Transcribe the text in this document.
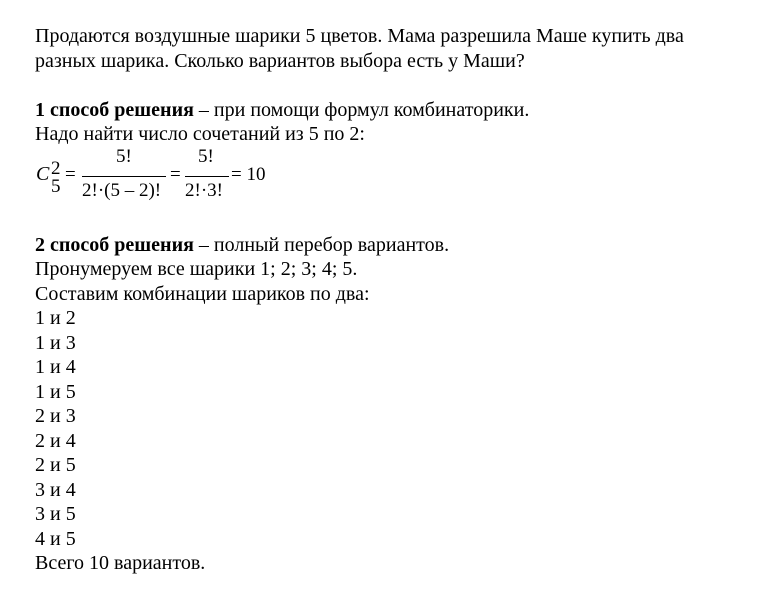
Продаются воздушные шарики 5 цветов. Мама разрешила Маше купить два
разных шарика. Сколько вариантов выбора есть у Маши?
1 способ решения – при помощи формул комбинаторики.
Надо найти число сочетаний из 5 по 2:
C
5
2 =
5!
2!·(5 – 2)!
=
5!
2!·3!
= 10
2 способ решения – полный перебор вариантов.
Пронумеруем все шарики 1; 2; 3; 4; 5.
Составим комбинации шариков по два:
1 и 2
1 и 3
1 и 4
1 и 5
2 и 3
2 и 4
2 и 5
3 и 4
3 и 5
4 и 5
Всего 10 вариантов.
